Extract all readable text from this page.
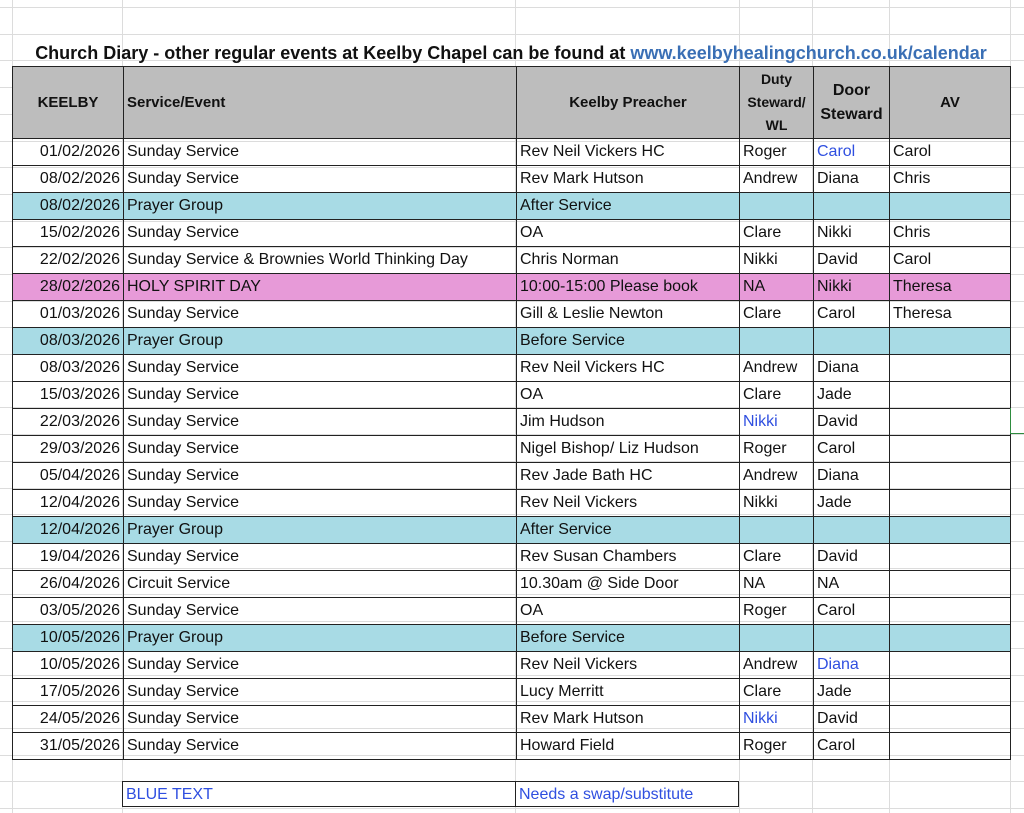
Church Diary - other regular events at Keelby Chapel can be found at www.keelbyhealingchurch.co.uk/calendar
KEELBY	Service/Event	Keelby Preacher	Duty Steward/ WL	Door Steward	AV
01/02/2026	Sunday Service	Rev Neil Vickers HC	Roger	Carol	Carol
08/02/2026	Sunday Service	Rev Mark Hutson	Andrew	Diana	Chris
08/02/2026	Prayer Group	After Service			
15/02/2026	Sunday Service	OA	Clare	Nikki	Chris
22/02/2026	Sunday Service & Brownies World Thinking Day	Chris Norman	Nikki	David	Carol
28/02/2026	HOLY SPIRIT DAY	10:00-15:00 Please book	NA	Nikki	Theresa
01/03/2026	Sunday Service	Gill & Leslie Newton	Clare	Carol	Theresa
08/03/2026	Prayer Group	Before Service			
08/03/2026	Sunday Service	Rev Neil Vickers HC	Andrew	Diana	
15/03/2026	Sunday Service	OA	Clare	Jade	
22/03/2026	Sunday Service	Jim Hudson	Nikki	David	
29/03/2026	Sunday Service	Nigel Bishop/ Liz Hudson	Roger	Carol	
05/04/2026	Sunday Service	Rev Jade Bath HC	Andrew	Diana	
12/04/2026	Sunday Service	Rev Neil Vickers	Nikki	Jade	
12/04/2026	Prayer Group	After Service			
19/04/2026	Sunday Service	Rev Susan Chambers	Clare	David	
26/04/2026	Circuit Service	10.30am @ Side Door	NA	NA	
03/05/2026	Sunday Service	OA	Roger	Carol	
10/05/2026	Prayer Group	Before Service			
10/05/2026	Sunday Service	Rev Neil Vickers	Andrew	Diana	
17/05/2026	Sunday Service	Lucy Merritt	Clare	Jade	
24/05/2026	Sunday Service	Rev Mark Hutson	Nikki	David	
31/05/2026	Sunday Service	Howard Field	Roger	Carol	
BLUE TEXT	Needs a swap/substitute
